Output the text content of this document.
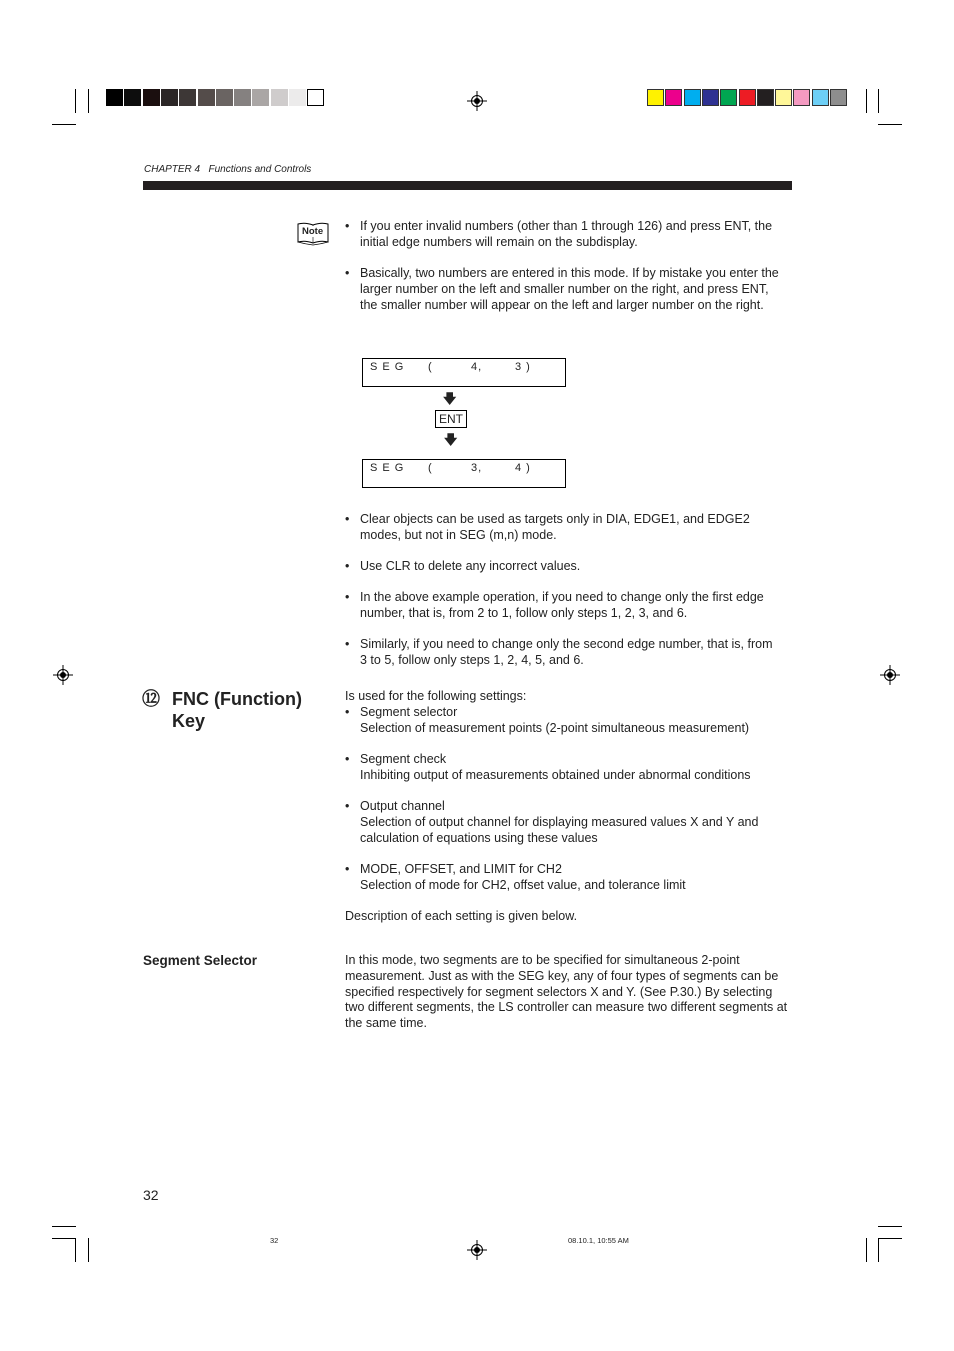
CHAPTER 4 Functions and Controls
Note • If you enter invalid numbers (other than 1 through 126) and press ENT, the initial edge numbers will remain on the subdisplay.
• Basically, two numbers are entered in this mode. If by mistake you enter the larger number on the left and smaller number on the right, and press ENT, the smaller number will appear on the left and larger number on the right.
S E G (	4,	3 )
🡇
ENT
🡇
S E G (	3,	4 )
• Clear objects can be used as targets only in DIA, EDGE1, and EDGE2 modes, but not in SEG (m,n) mode.
• Use CLR to delete any incorrect values.
• In the above example operation, if you need to change only the first edge number, that is, from 2 to 1, follow only steps 1, 2, 3, and 6.
• Similarly, if you need to change only the second edge number, that is, from 3 to 5, follow only steps 1, 2, 4, 5, and 6.
⑫ FNC (Function)
Key
Is used for the following settings:
• Segment selector
Selection of measurement points (2-point simultaneous measurement)
• Segment check
Inhibiting output of measurements obtained under abnormal conditions
• Output channel
Selection of output channel for displaying measured values X and Y and calculation of equations using these values
• MODE, OFFSET, and LIMIT for CH2
Selection of mode for CH2, offset value, and tolerance limit
Description of each setting is given below.
Segment Selector	In this mode, two segments are to be specified for simultaneous 2-point measurement. Just as with the SEG key, any of four types of segments can be specified respectively for segment selectors X and Y. (See P.30.) By selecting two different segments, the LS controller can measure two different segments at the same time.
32
32	08.10.1, 10:55 AM
